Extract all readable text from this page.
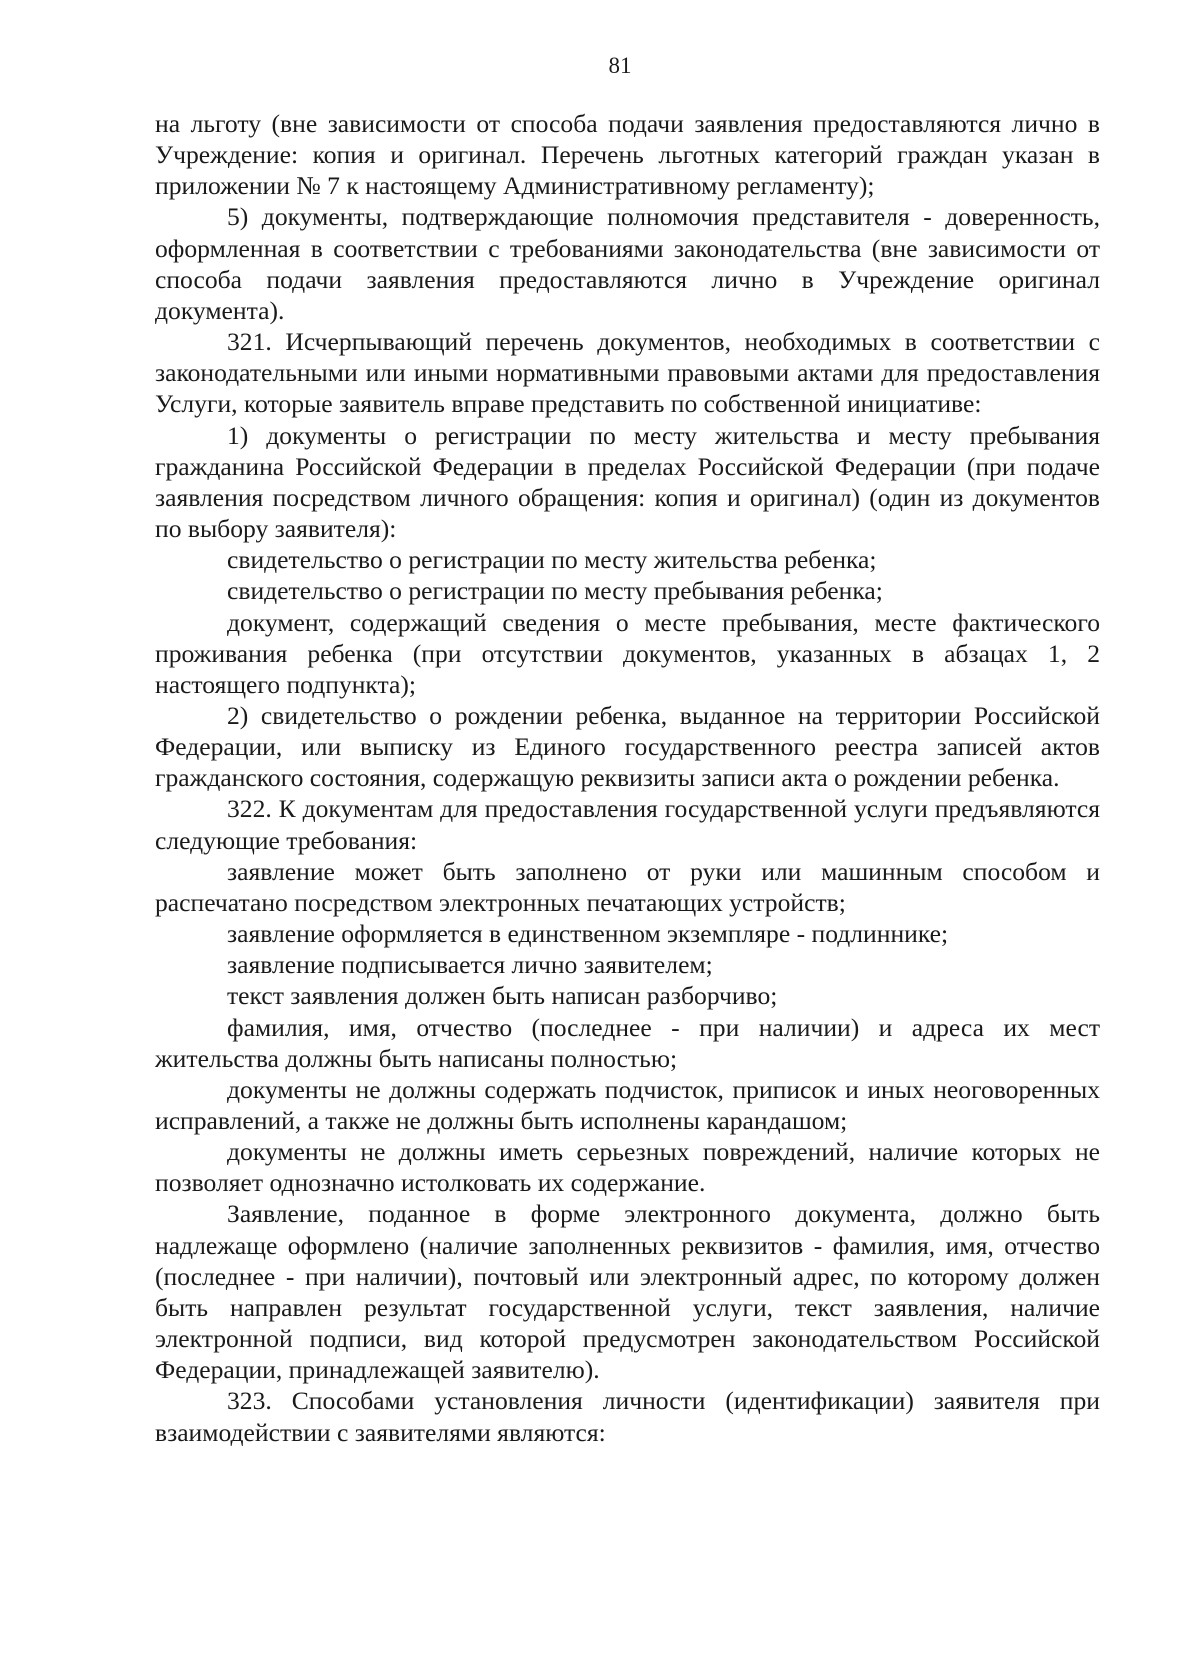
81

на льготу (вне зависимости от способа подачи заявления предоставляются лично в Учреждение: копия и оригинал. Перечень льготных категорий граждан указан в приложении № 7 к настоящему Административному регламенту);

5) документы, подтверждающие полномочия представителя - доверенность, оформленная в соответствии с требованиями законодательства (вне зависимости от способа подачи заявления предоставляются лично в Учреждение оригинал документа).

321. Исчерпывающий перечень документов, необходимых в соответствии с законодательными или иными нормативными правовыми актами для предоставления Услуги, которые заявитель вправе представить по собственной инициативе:

1) документы о регистрации по месту жительства и месту пребывания гражданина Российской Федерации в пределах Российской Федерации (при подаче заявления посредством личного обращения: копия и оригинал) (один из документов по выбору заявителя):

свидетельство о регистрации по месту жительства ребенка;

свидетельство о регистрации по месту пребывания ребенка;

документ, содержащий сведения о месте пребывания, месте фактического проживания ребенка (при отсутствии документов, указанных в абзацах 1, 2 настоящего подпункта);

2) свидетельство о рождении ребенка, выданное на территории Российской Федерации, или выписку из Единого государственного реестра записей актов гражданского состояния, содержащую реквизиты записи акта о рождении ребенка.

322. К документам для предоставления государственной услуги предъявляются следующие требования:

заявление может быть заполнено от руки или машинным способом и распечатано посредством электронных печатающих устройств;

заявление оформляется в единственном экземпляре - подлиннике;

заявление подписывается лично заявителем;

текст заявления должен быть написан разборчиво;

фамилия, имя, отчество (последнее - при наличии) и адреса их мест жительства должны быть написаны полностью;

документы не должны содержать подчисток, приписок и иных неоговоренных исправлений, а также не должны быть исполнены карандашом;

документы не должны иметь серьезных повреждений, наличие которых не позволяет однозначно истолковать их содержание.

Заявление, поданное в форме электронного документа, должно быть надлежаще оформлено (наличие заполненных реквизитов - фамилия, имя, отчество (последнее - при наличии), почтовый или электронный адрес, по которому должен быть направлен результат государственной услуги, текст заявления, наличие электронной подписи, вид которой предусмотрен законодательством Российской Федерации, принадлежащей заявителю).

323. Способами установления личности (идентификации) заявителя при взаимодействии с заявителями являются:
